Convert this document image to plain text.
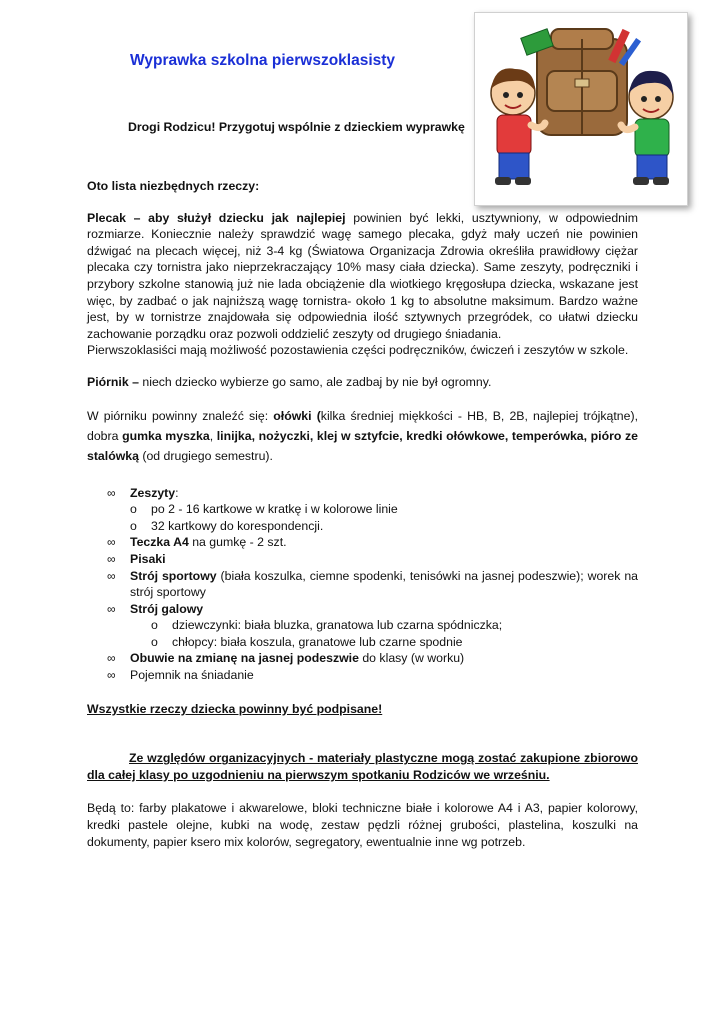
Wyprawka szkolna pierwszoklasisty

Drogi Rodzicu! Przygotuj wspólnie z dzieckiem wyprawkę

Oto lista niezbędnych rzeczy:

Plecak – aby służył dziecku jak najlepiej powinien być lekki, usztywniony, w odpowiednim rozmiarze. Koniecznie należy sprawdzić wagę samego plecaka, gdyż mały uczeń nie powinien dźwigać na plecach więcej, niż 3-4 kg (Światowa Organizacja Zdrowia określiła prawidłowy ciężar plecaka czy tornistra jako nieprzekraczający 10% masy ciała dziecka). Same zeszyty, podręczniki i przybory szkolne stanowią już nie lada obciążenie dla wiotkiego kręgosłupa dziecka, wskazane jest więc, by zadbać o jak najniższą wagę tornistra- około 1 kg to absolutne maksimum. Bardzo ważne jest, by w tornistrze znajdowała się odpowiednia ilość sztywnych przegródek, co ułatwi dziecku zachowanie porządku oraz pozwoli oddzielić zeszyty od drugiego śniadania.

Pierwszoklasiści mają możliwość pozostawienia części podręczników, ćwiczeń i zeszytów w szkole.

Piórnik – niech dziecko wybierze go samo, ale zadbaj by nie był ogromny.

W piórniku powinny znaleźć się: ołówki (kilka średniej miękkości - HB, B, 2B, najlepiej trójkątne), dobra gumka myszka, linijka, nożyczki, klej w sztyfcie, kredki ołówkowe, temperówka, pióro ze stalówką (od drugiego semestru).

∞ Zeszyty:
o po 2 - 16 kartkowe w kratkę i w kolorowe linie
o 32 kartkowy do korespondencji.
∞ Teczka A4 na gumkę - 2 szt.
∞ Pisaki
∞ Strój sportowy (biała koszulka, ciemne spodenki, tenisówki na jasnej podeszwie); worek na strój sportowy
∞ Strój galowy
o dziewczynki: biała bluzka, granatowa lub czarna spódniczka;
o chłopcy: biała koszula, granatowe lub czarne spodnie
∞ Obuwie na zmianę na jasnej podeszwie do klasy (w worku)
∞ Pojemnik na śniadanie

Wszystkie rzeczy dziecka powinny być podpisane!

Ze względów organizacyjnych - materiały plastyczne mogą zostać zakupione zbiorowo dla całej klasy po uzgodnieniu na pierwszym spotkaniu Rodziców we wrześniu.

Będą to: farby plakatowe i akwarelowe, bloki techniczne białe i kolorowe A4 i A3, papier kolorowy, kredki pastele olejne, kubki na wodę, zestaw pędzli różnej grubości, plastelina, koszulki na dokumenty, papier ksero mix kolorów, segregatory, ewentualnie inne wg potrzeb.
